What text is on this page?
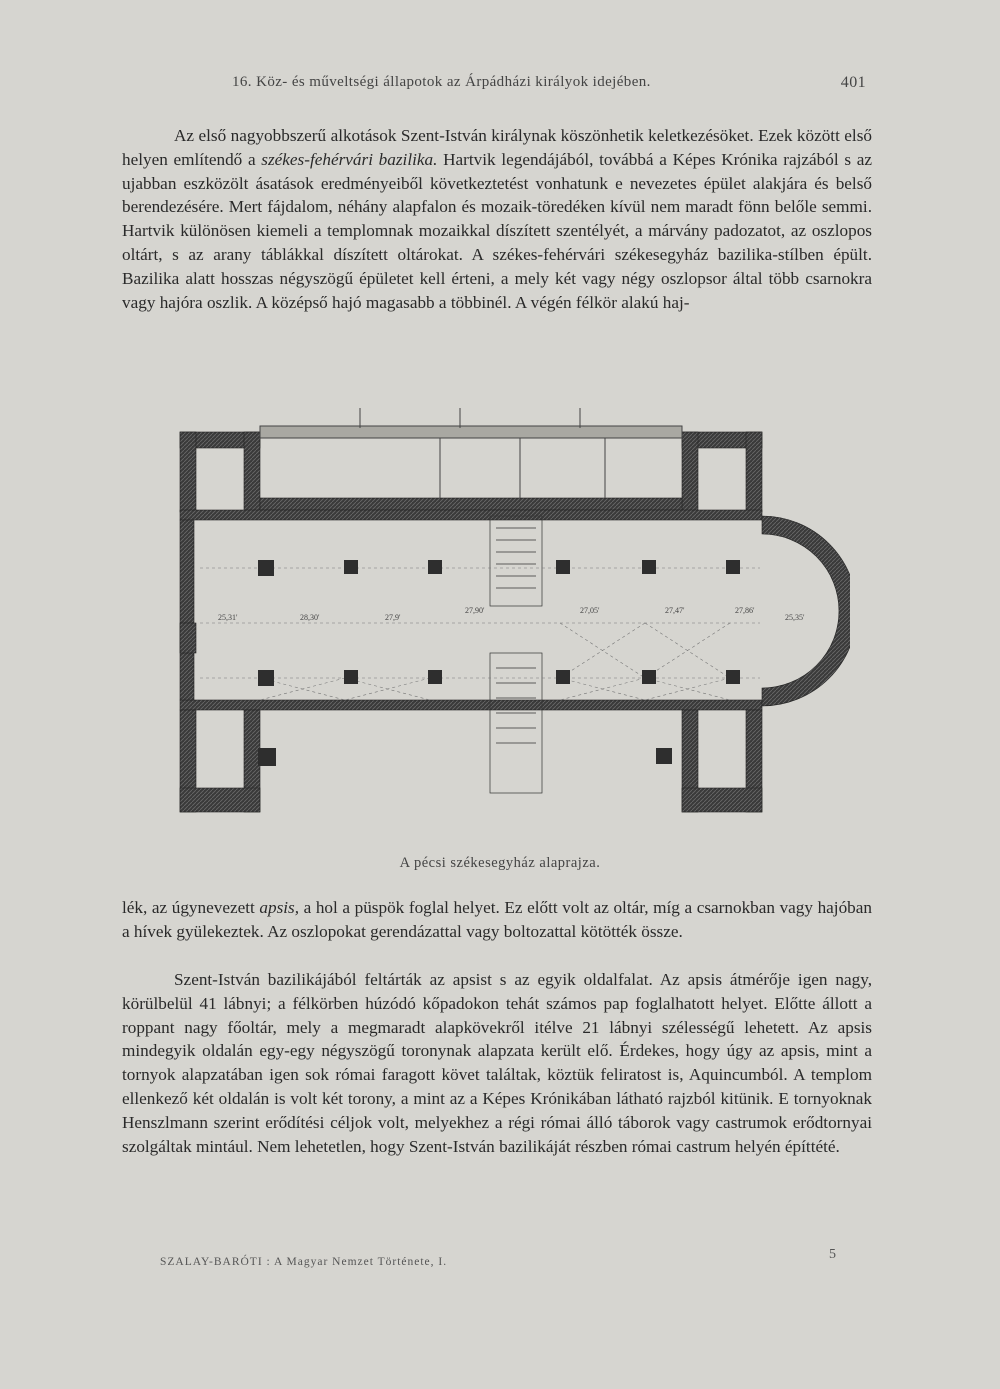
16. Köz- és műveltségi állapotok az Árpádházi királyok idejében.	401

Az első nagyobbszerű alkotások Szent-István királynak köszönhetik keletkezésöket. Ezek között első helyen említendő a székes-fehérvári bazilika. Hartvik legendájából, továbbá a Képes Krónika rajzából s az ujabban eszközölt ásatások eredményeiből következtetést vonhatunk e nevezetes épület alakjára és belső berendezésére. Mert fájdalom, néhány alapfalon és mozaik-töredéken kívül nem maradt fönn belőle semmi. Hartvik különösen kiemeli a templomnak mozaikkal díszített szentélyét, a márvány padozatot, az oszlopos oltárt, s az arany táblákkal díszített oltárokat. A székes-fehérvári székesegyház bazilika-stílben épült. Bazilika alatt hosszas négyszögű épületet kell érteni, a mely két vagy négy oszlopsor által több csarnokra vagy hajóra oszlik. A középső hajó magasabb a többinél. A végén félkör alakú haj-

25,31'	28,30'	27,9'
27,90'	27,05'	27,47'	27,86'
25,35'
A pécsi székesegyház alaprajza.

lék, az úgynevezett apsis, a hol a püspök foglal helyet. Ez előtt volt az oltár, míg a csarnokban vagy hajóban a hívek gyülekeztek. Az oszlopokat gerendázattal vagy boltozattal kötötték össze.

Szent-István bazilikájából feltárták az apsist s az egyik oldalfalat. Az apsis átmérője igen nagy, körülbelül 41 lábnyi; a félkörben húzódó kőpadokon tehát számos pap foglalhatott helyet. Előtte állott a roppant nagy főoltár, mely a megmaradt alapkövekről itélve 21 lábnyi szélességű lehetett. Az apsis mindegyik oldalán egy-egy négyszögű toronynak alapzata került elő. Érdekes, hogy úgy az apsis, mint a tornyok alapzatában igen sok római faragott követ találtak, köztük feliratost is, Aquincumból. A templom ellenkező két oldalán is volt két torony, a mint az a Képes Krónikában látható rajzból kitünik. E tornyoknak Henszlmann szerint erődítési céljok volt, melyekhez a régi római álló táborok vagy castrumok erődtornyai szolgáltak mintául. Nem lehetetlen, hogy Szent-István bazilikáját részben római castrum helyén építtété.

SZALAY-BARÓTI : A Magyar Nemzet Története, I.	5
